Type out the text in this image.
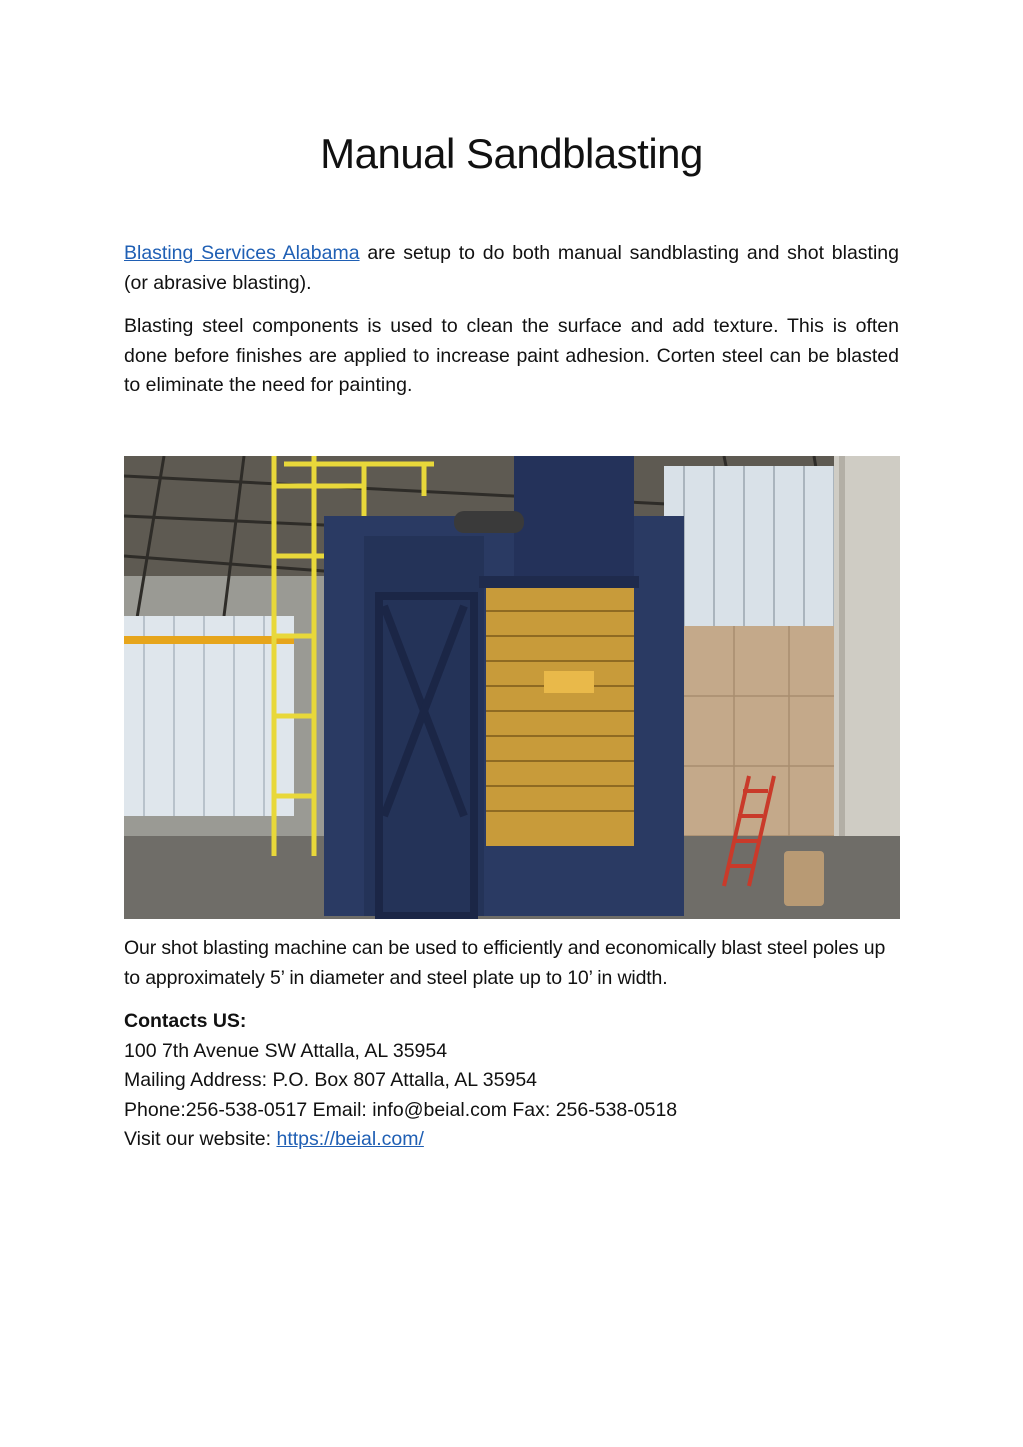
Manual Sandblasting

Blasting Services Alabama are setup to do both manual sandblasting and shot blasting (or abrasive blasting).

Blasting steel components is used to clean the surface and add texture. This is often done before finishes are applied to increase paint adhesion. Corten steel can be blasted to eliminate the need for painting.

Our shot blasting machine can be used to efficiently and economically blast steel poles up to approximately 5’ in diameter and steel plate up to 10’ in width.

Contacts US:
100 7th Avenue SW Attalla, AL 35954
Mailing Address: P.O. Box 807 Attalla, AL 35954
Phone:256-538-0517 Email: info@beial.com Fax: 256-538-0518
Visit our website: https://beial.com/
